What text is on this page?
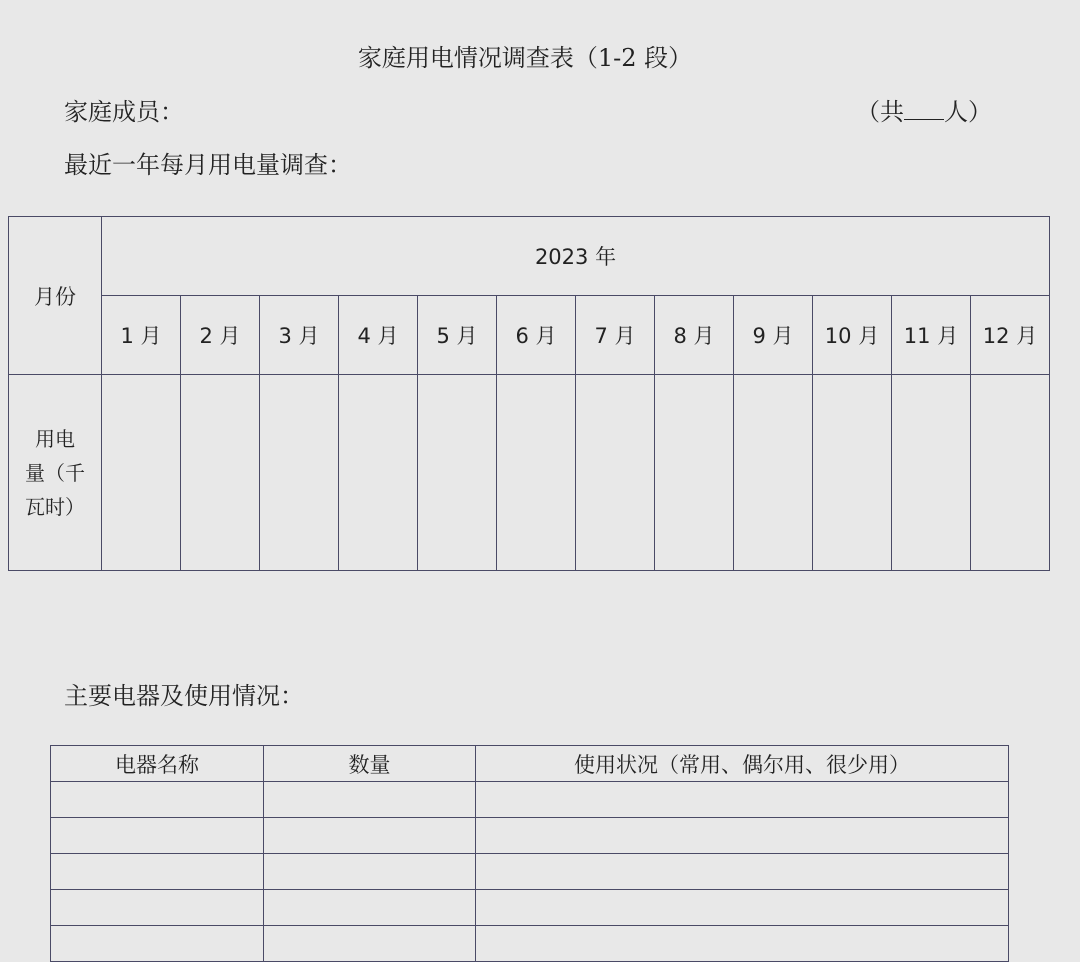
家庭用电情况调查表（1-2 段）
家庭成员：	（共 人）
最近一年每月用电量调查：
月份	2023 年											
	1 月	2 月	3 月	4 月	5 月	6 月	7 月	8 月	9 月	10 月	11 月	12 月

用电
量（千
瓦时）												

主要电器及使用情况：
电器名称	数量	使用状况（常用、偶尔用、很少用）
